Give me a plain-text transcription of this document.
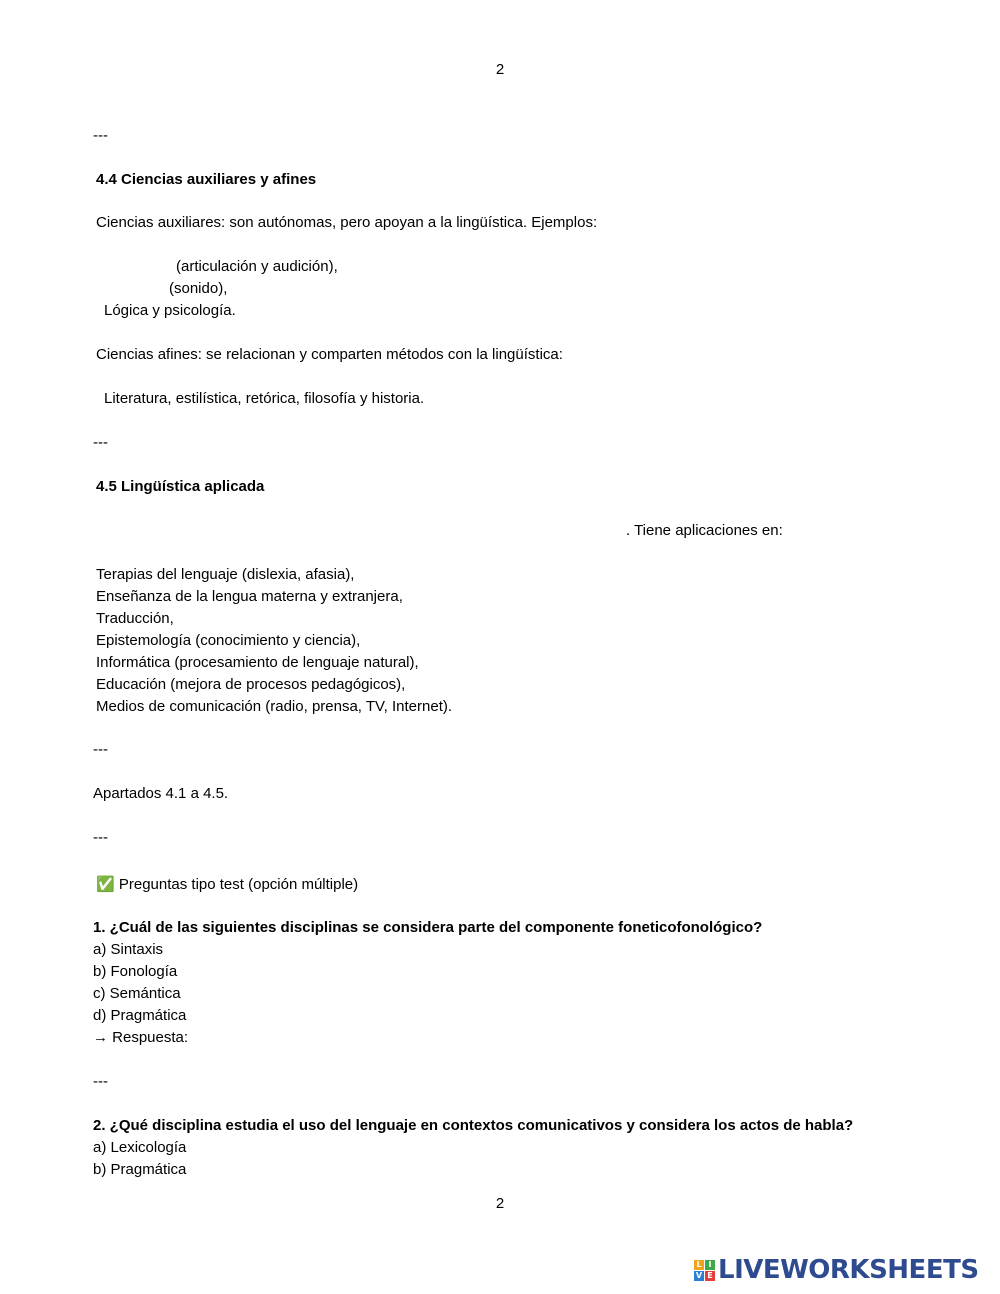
2
---
4.4 Ciencias auxiliares y afines
Ciencias auxiliares: son autónomas, pero apoyan a la lingüística. Ejemplos:
(articulación y audición),
(sonido),
Lógica y psicología.
Ciencias afines: se relacionan y comparten métodos con la lingüística:
Literatura, estilística, retórica, filosofía y historia.
---
4.5 Lingüística aplicada
. Tiene aplicaciones en:
Terapias del lenguaje (dislexia, afasia),
Enseñanza de la lengua materna y extranjera,
Traducción,
Epistemología (conocimiento y ciencia),
Informática (procesamiento de lenguaje natural),
Educación (mejora de procesos pedagógicos),
Medios de comunicación (radio, prensa, TV, Internet).
---
Apartados 4.1 a 4.5.
---
✅ Preguntas tipo test (opción múltiple)
1. ¿Cuál de las siguientes disciplinas se considera parte del componente foneticofonológico?
a) Sintaxis
b) Fonología
c) Semántica
d) Pragmática
→ Respuesta:
---
2. ¿Qué disciplina estudia el uso del lenguaje en contextos comunicativos y considera los actos de habla?
a) Lexicología
b) Pragmática
2
L I
V E LIVEWORKSHEETS
